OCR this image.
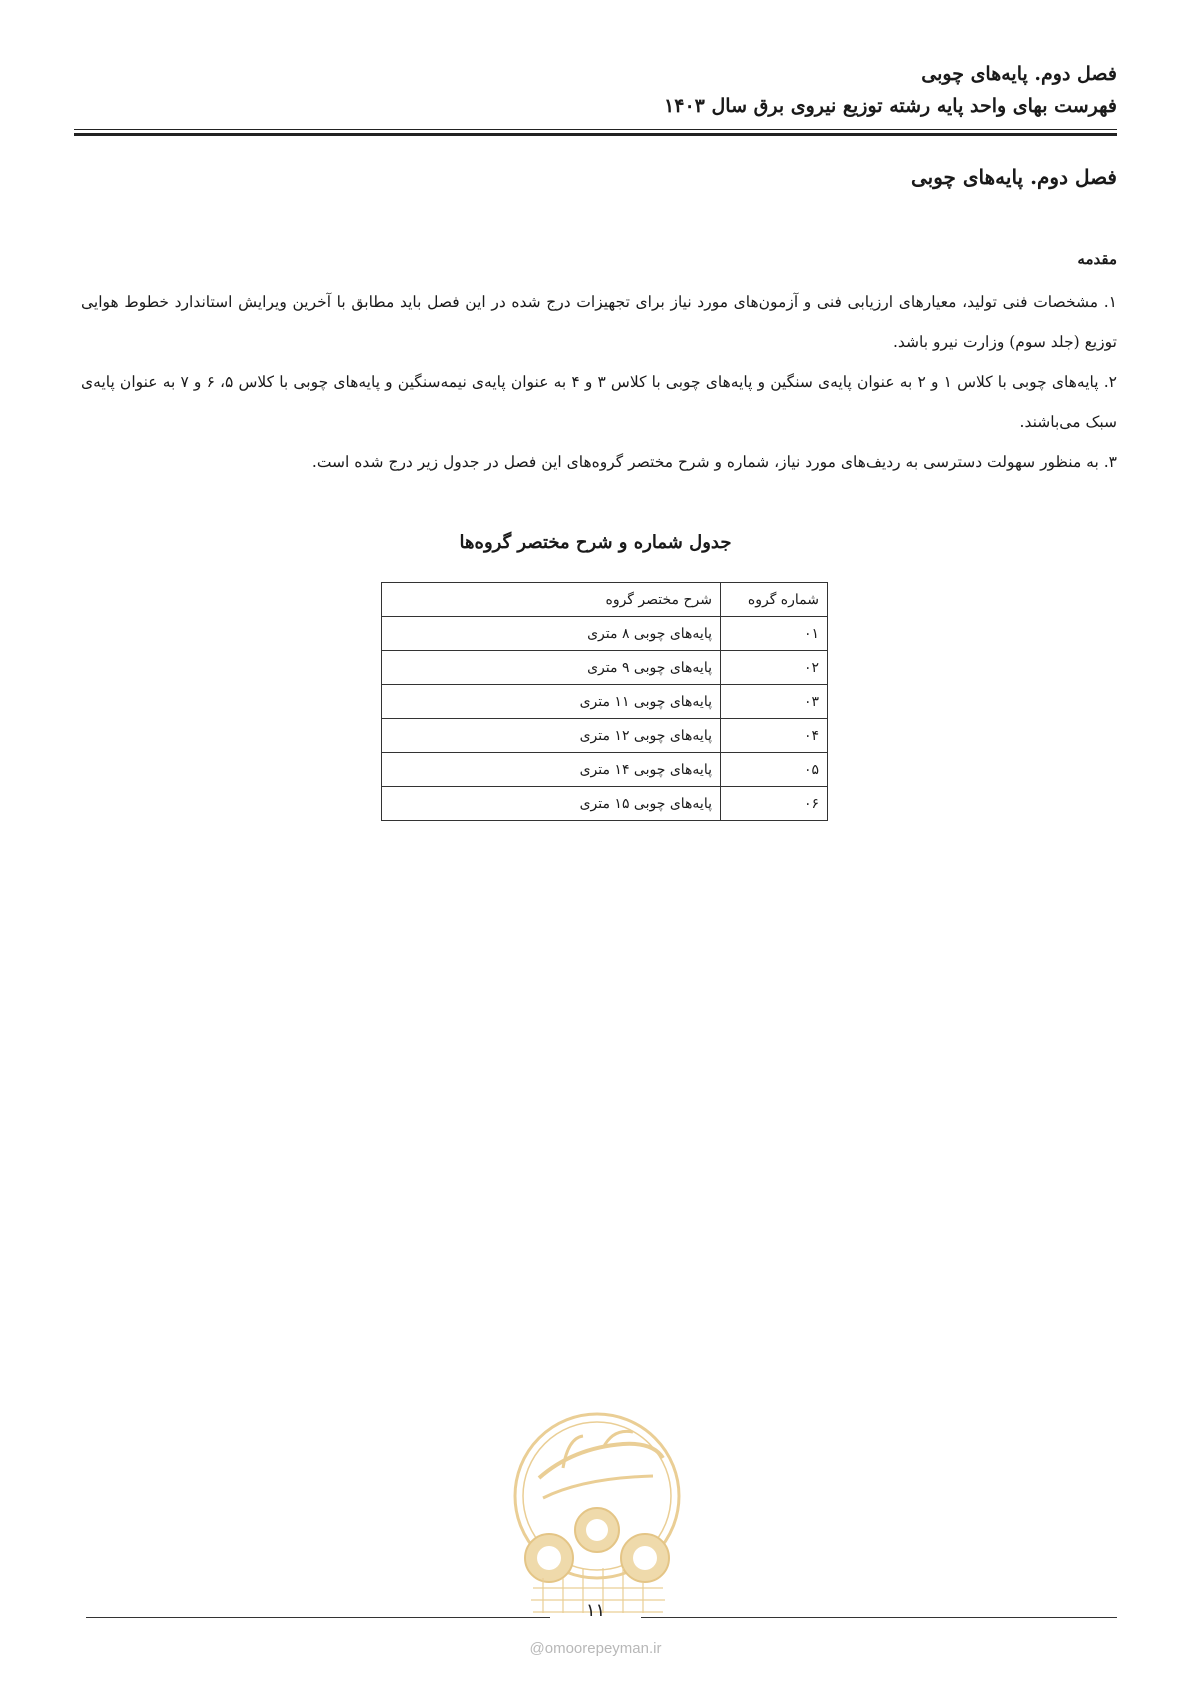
فصل دوم. پایه‌های چوبی
فهرست بهای واحد پایه رشته توزیع نیروی برق سال ۱۴۰۳
فصل دوم. پایه‌های چوبی
مقدمه

۱. مشخصات فنی تولید، معیارهای ارزیابی فنی و آزمون‌های مورد نیاز برای تجهیزات درج شده در این فصل باید مطابق با آخرین ویرایش استاندارد خطوط هوایی توزیع (جلد سوم) وزارت نیرو باشد.

۲. پایه‌های چوبی با کلاس ۱ و ۲ به عنوان پایه‌ی سنگین و پایه‌های چوبی با کلاس ۳ و ۴ به عنوان پایه‌ی نیمه‌سنگین و پایه‌های چوبی با کلاس ۵، ۶ و ۷ به عنوان پایه‌ی سبک می‌باشند.

۳. به منظور سهولت دسترسی به ردیف‌های مورد نیاز، شماره و شرح مختصر گروه‌های این فصل در جدول زیر درج شده است.

جدول شماره و شرح مختصر گروه‌ها
شماره گروه	شرح مختصر گروه
۰۱	پایه‌های چوبی ۸ متری
۰۲	پایه‌های چوبی ۹ متری
۰۳	پایه‌های چوبی ۱۱ متری
۰۴	پایه‌های چوبی ۱۲ متری
۰۵	پایه‌های چوبی ۱۴ متری
۰۶	پایه‌های چوبی ۱۵ متری
۱۱
@omoorepeyman.ir
